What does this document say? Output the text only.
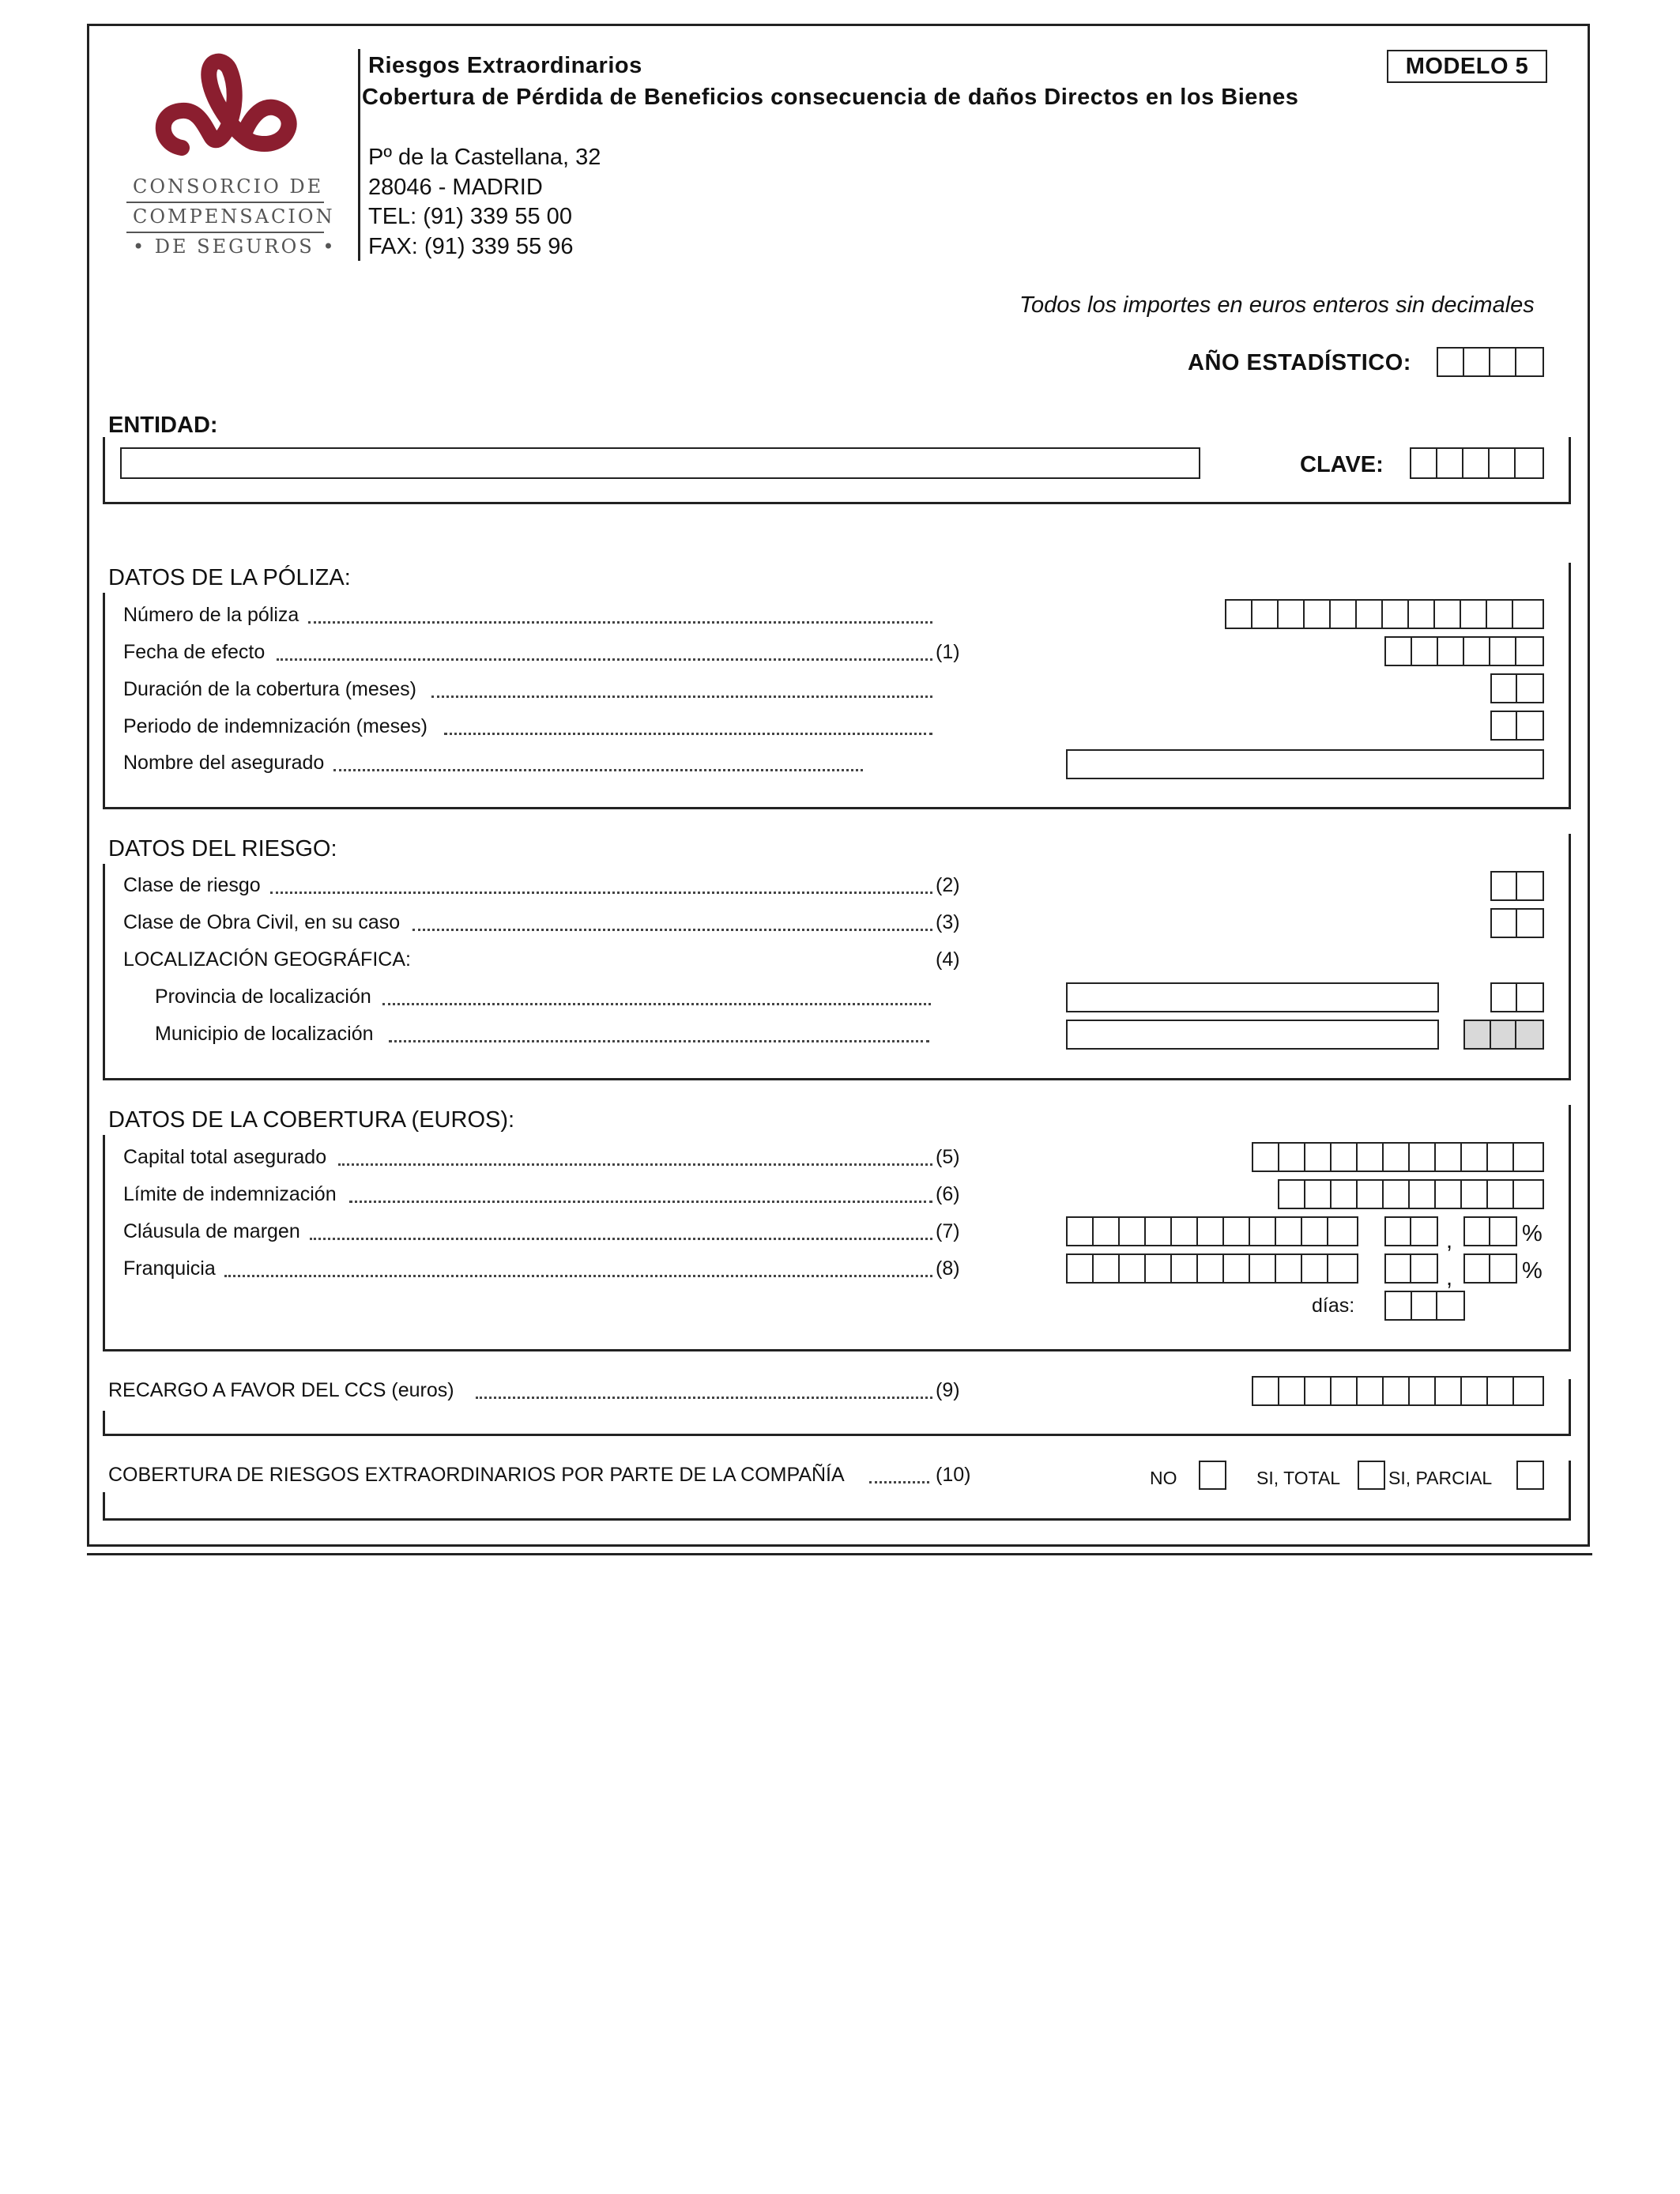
CONSORCIO DE
COMPENSACION
• DE SEGUROS •
Riesgos Extraordinarios
Cobertura de Pérdida de Beneficios consecuencia de daños Directos en los Bienes
MODELO 5
Pº de la Castellana, 32
28046 - MADRID
TEL: (91) 339 55 00
FAX: (91) 339 55 96
Todos los importes en euros enteros sin decimales
AÑO ESTADÍSTICO:
ENTIDAD:
CLAVE:
DATOS DE LA PÓLIZA:
Número de la póliza
Fecha de efecto	(1)
Duración de la cobertura (meses)
Periodo de indemnización (meses)
Nombre del asegurado
DATOS DEL RIESGO:
Clase de riesgo	(2)
Clase de Obra Civil, en su caso	(3)
LOCALIZACIÓN GEOGRÁFICA:	(4)
Provincia de localización
Municipio de localización
DATOS DE LA COBERTURA (EUROS):
Capital total asegurado	(5)
Límite de indemnización	(6)
Cláusula de margen	(7)	,	%
Franquicia	(8)	,	%
días:
RECARGO A FAVOR DEL CCS (euros)	(9)
COBERTURA DE RIESGOS EXTRAORDINARIOS POR PARTE DE LA COMPAÑÍA	(10)	NO	SI, TOTAL	SI, PARCIAL
